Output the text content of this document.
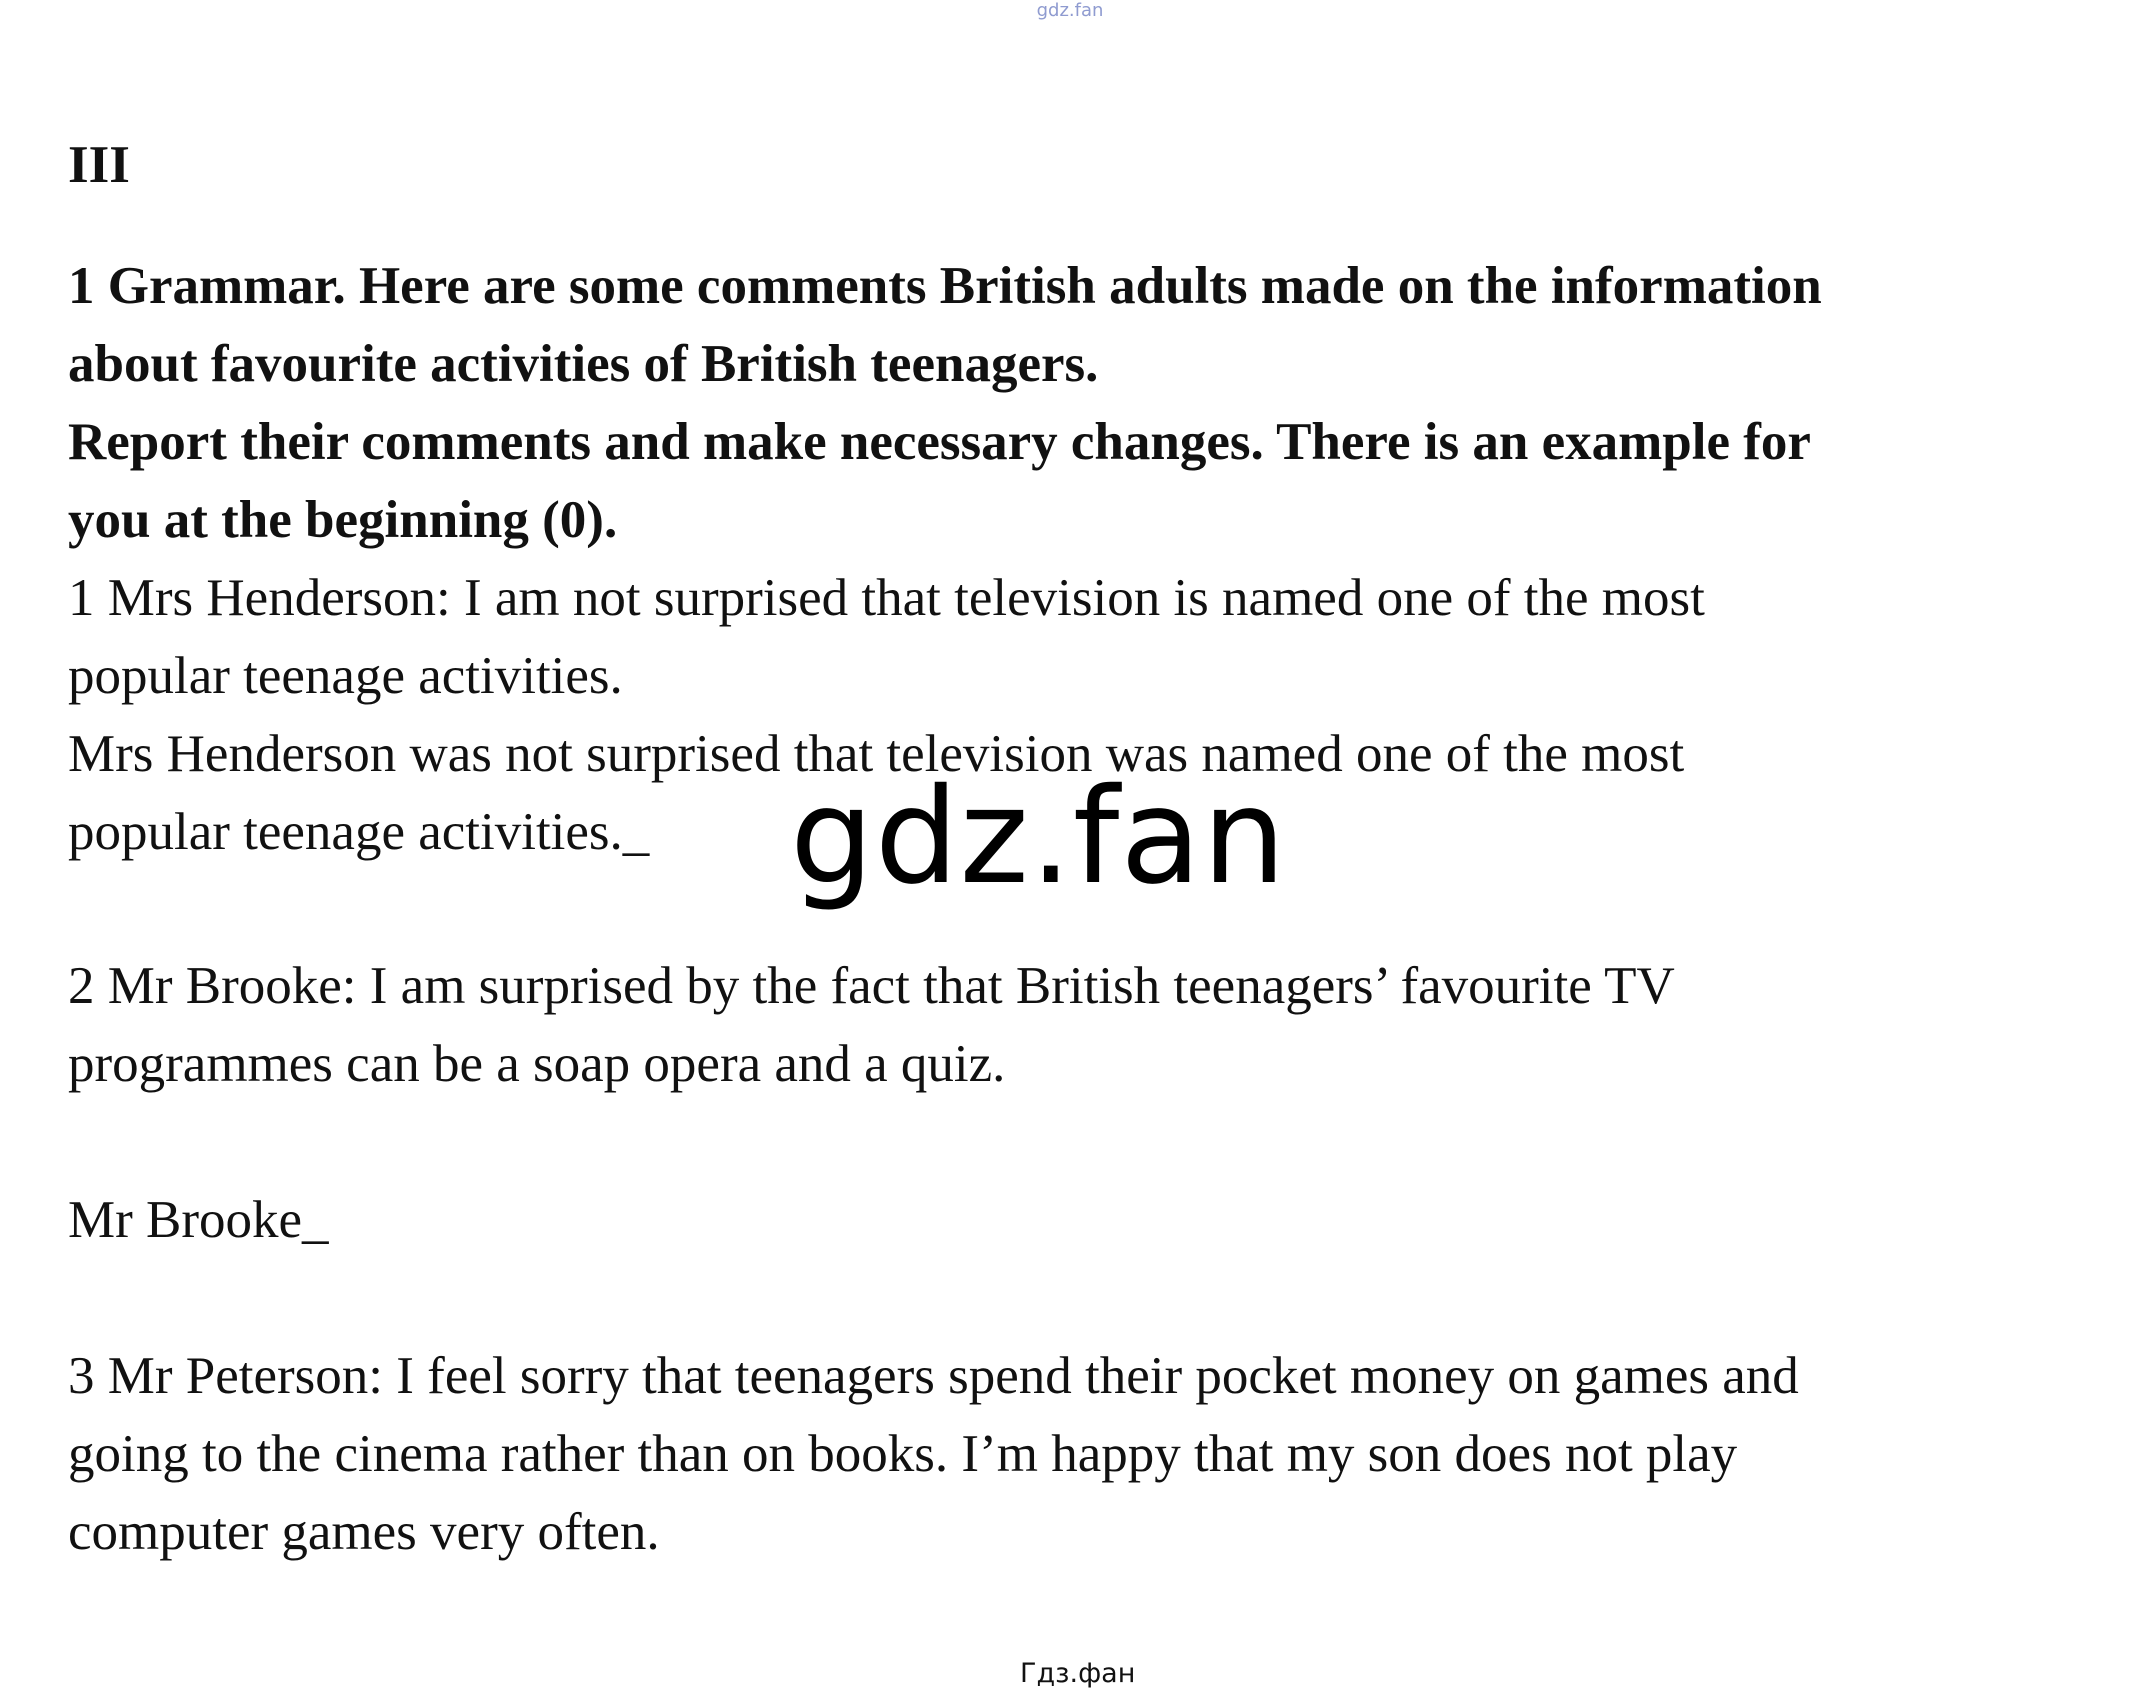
gdz.fan
III
1 Grammar. Here are some comments British adults made on the information
about favourite activities of British teenagers.
Report their comments and make necessary changes. There is an example for
you at the beginning (0).
1 Mrs Henderson: I am not surprised that television is named one of the most
popular teenage activities.
Mrs Henderson was not surprised that television was named one of the most
popular teenage activities._
2 Mr Brooke: I am surprised by the fact that British teenagers’ favourite TV
programmes can be a soap opera and a quiz.
Mr Brooke_
3 Mr Peterson: I feel sorry that teenagers spend their pocket money on games and
going to the cinema rather than on books. I’m happy that my son does not play
computer games very often.
gdz.fan
Гдз.фан
